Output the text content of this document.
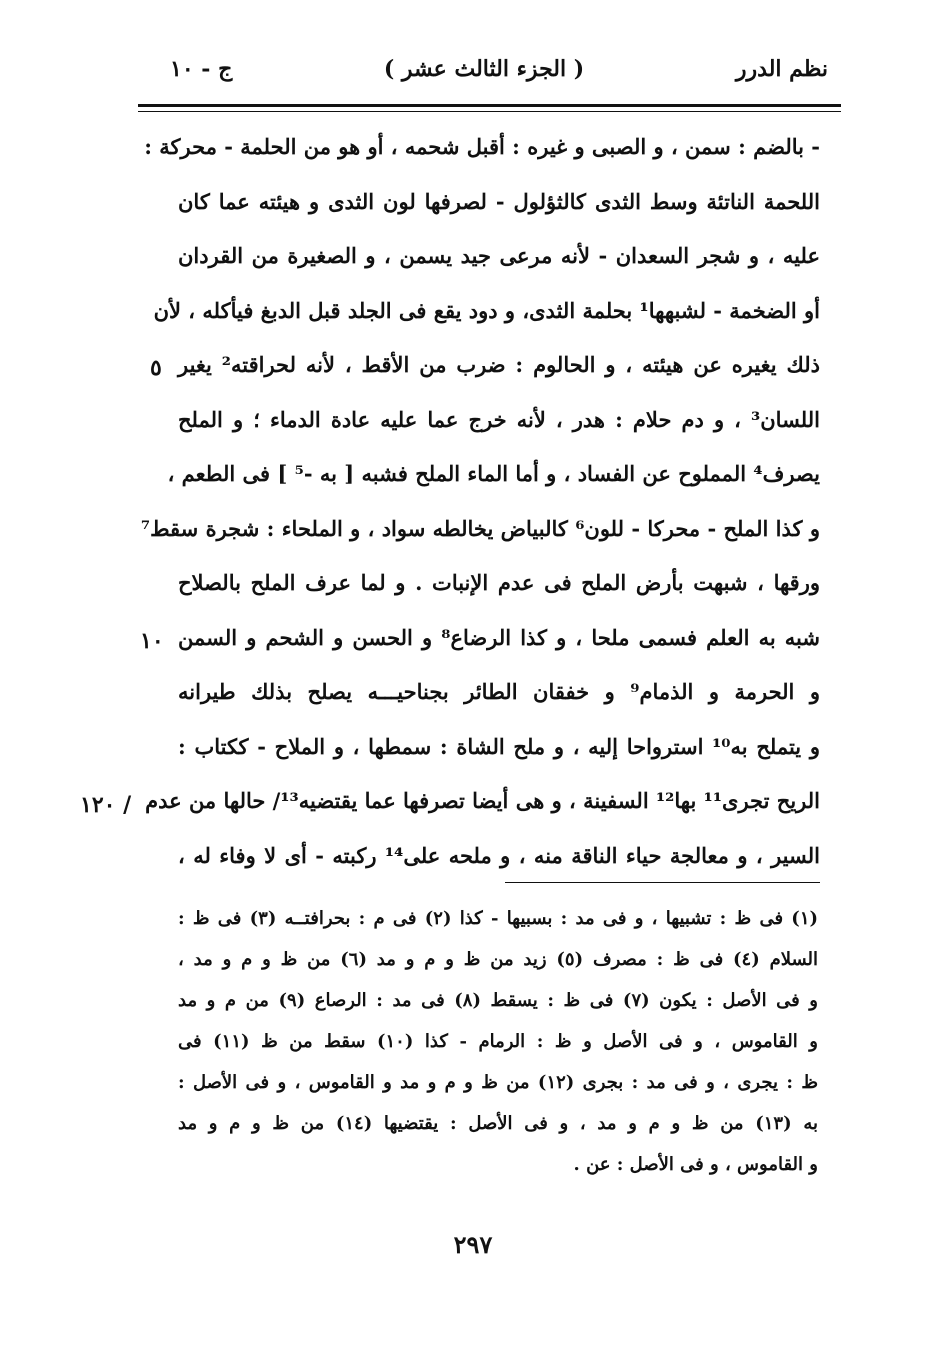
ج - ١٠	( الجزء الثالث عشر )	نظم الدرر
- بالضم : سمن ، و الصبى و غيره : أقبل شحمه ، أو هو من الحلمة - محركة :
اللحمة الناتئة وسط الثدى كالثؤلول - لصرفها لون الثدى و هيئته عما كان
عليه ، و شجر السعدان - لأنه مرعى جيد يسمن ، و الصغيرة من القردان
أو الضخمة - لشبهها¹ بحلمة الثدى، و دود يقع فى الجلد قبل الدبغ فيأكله ، لأن
ذلك يغيره عن هيئته ، و الحالوم : ضرب من الأقط ، لأنه لحراقته² يغير
اللسان³ ، و دم حلام : هدر ، لأنه خرج عما عليه عادة الدماء ؛ و الملح
يصرف⁴ المملوح عن الفساد ، و أما الماء الملح فشبه [ به -⁵ ] فى الطعم ،
و كذا الملح - محركا - للون⁶ كالبياض يخالطه سواد ، و الملحاء : شجرة سقط⁷
ورقها ، شبهت بأرض الملح فى عدم الإنبات . و لما عرف الملح بالصلاح
شبه به العلم فسمى ملحا ، و كذا الرضاع⁸ و الحسن و الشحم و السمن
و الحرمة و الذمام⁹ و خفقان الطائر بجناحيـــه يصلح بذلك طيرانه
و يتملح به¹⁰ استرواحا إليه ، و ملح الشاة : سمطها ، و الملاح - ككتاب :
الريح تجرى¹¹ بها¹² السفينة ، و هى أيضا تصرفها عما يقتضيه¹³/ حالها من عدم
السير ، و معالجة حياء الناقة منه ، و ملحه على¹⁴ ركبته - أى لا وفاء له ،
٥
١٠
/ ١٢٠
(١) فى ظ : تشبيها ، و فى مد : بسبيها - كذا (٢) فى م : بحرافتــه (٣) فى ظ :
السلام (٤) فى ظ : مصرف (٥) زيد من ظ و م و مد (٦) من ظ و م و مد ،
و فى الأصل : يكون (٧) فى ظ : يسقط (٨) فى مد : الرصاع (٩) من م و مد
و القاموس ، و فى الأصل و ظ : الرمام - كذا (١٠) سقط من ظ (١١) فى
ظ : يجرى ، و فى مد : بجرى (١٢) من ظ و م و مد و القاموس ، و فى الأصل :
به (١٣) من ظ و م و مد ، و فى الأصل : يقتضيها (١٤) من ظ و م و مد
و القاموس ، و فى الأصل : عن .
٢٩٧
